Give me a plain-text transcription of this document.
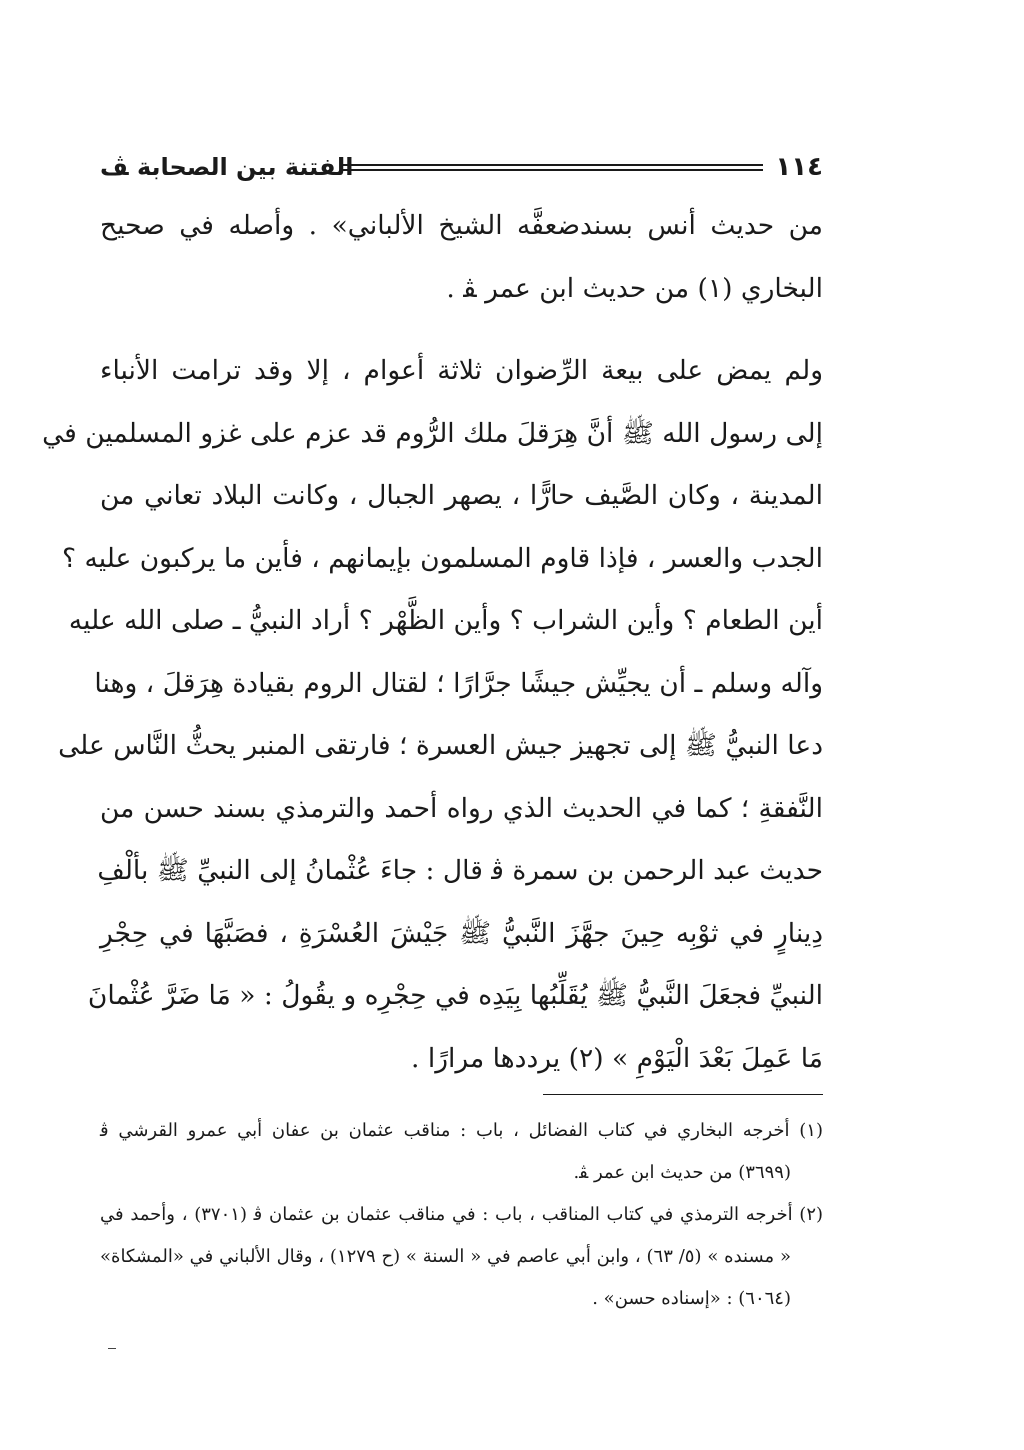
١١٤
الفتنة بين الصحابة ﭫ
من حديث أنس بسندضعفَّه الشيخ الألباني» . وأصله في صحيح
البخاري (١) من حديث ابن عمر ﭭ .
ولم يمض على بيعة الرِّضوان ثلاثة أعوام ، إلا وقد ترامت الأنباء
إلى رسول الله ﷺ أنَّ هِرَقلَ ملك الرُّوم قد عزم على غزو المسلمين في
المدينة ، وكان الصَّيف حارًّا ، يصهر الجبال ، وكانت البلاد تعاني من
الجدب والعسر ، فإذا قاوم المسلمون بإيمانهم ، فأين ما يركبون عليه ؟
أين الطعام ؟ وأين الشراب ؟ وأين الظَّهْر ؟ أراد النبيُّ ـ صلى الله عليه
وآله وسلم ـ أن يجيِّش جيشًا جرَّارًا ؛ لقتال الروم بقيادة هِرَقلَ ، وهنا
دعا النبيُّ ﷺ إلى تجهيز جيش العسرة ؛ فارتقى المنبر يحثُّ النَّاس على
النَّفقةِ ؛ كما في الحديث الذي رواه أحمد والترمذي بسند حسن من
حديث عبد الرحمن بن سمرة ﭬ قال : جاءَ عُثْمانُ إلى النبيِّ ﷺ بألْفِ
دِينارٍ في ثوْبِه حِينَ جهَّزَ النَّبيُّ ﷺ جَيْشَ العُسْرَةِ ، فصَبَّهَا في حِجْرِ
النبيِّ فجعَلَ النَّبيُّ ﷺ يُقَلِّبُها بِيَدِه في حِجْرِه و يقُولُ : « مَا ضَرَّ عُثْمانَ
مَا عَمِلَ بَعْدَ الْيَوْمِ » (٢) يرددها مرارًا .
(١) أخرجه البخاري في كتاب الفضائل ، باب : مناقب عثمان بن عفان أبي عمرو القرشي ﭬ
(٣٦٩٩) من حديث ابن عمر ﭭ.
(٢) أخرجه الترمذي في كتاب المناقب ، باب : في مناقب عثمان بن عثمان ﭬ (٣٧٠١) ، وأحمد في
« مسنده » (٥/ ٦٣) ، وابن أبي عاصم في « السنة » (ح ١٢٧٩) ، وقال الألباني في «المشكاة»
(٦٠٦٤) : «إسناده حسن» .
